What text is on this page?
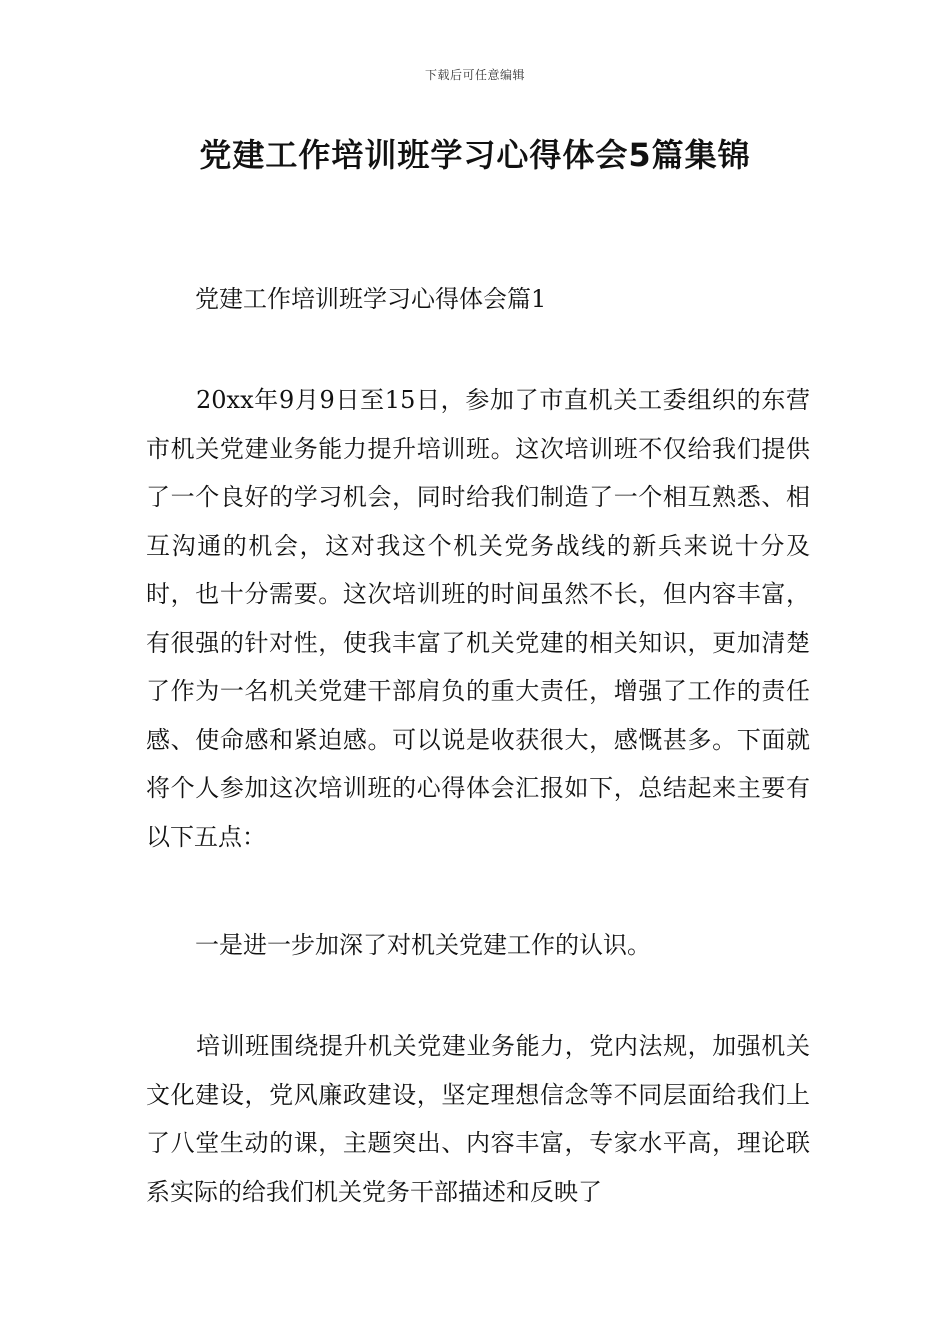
下载后可任意编辑
党建工作培训班学习心得体会5篇集锦
党建工作培训班学习心得体会篇1
20xx年9月9日至15日，参加了市直机关工委组织的东营市机关党建业务能力提升培训班。这次培训班不仅给我们提供了一个良好的学习机会，同时给我们制造了一个相互熟悉、相互沟通的机会，这对我这个机关党务战线的新兵来说十分及时，也十分需要。这次培训班的时间虽然不长，但内容丰富，有很强的针对性，使我丰富了机关党建的相关知识，更加清楚了作为一名机关党建干部肩负的重大责任，增强了工作的责任感、使命感和紧迫感。可以说是收获很大，感慨甚多。下面就将个人参加这次培训班的心得体会汇报如下，总结起来主要有以下五点：
一是进一步加深了对机关党建工作的认识。
培训班围绕提升机关党建业务能力，党内法规，加强机关文化建设，党风廉政建设，坚定理想信念等不同层面给我们上了八堂生动的课，主题突出、内容丰富，专家水平高，理论联系实际的给我们机关党务干部描述和反映了
